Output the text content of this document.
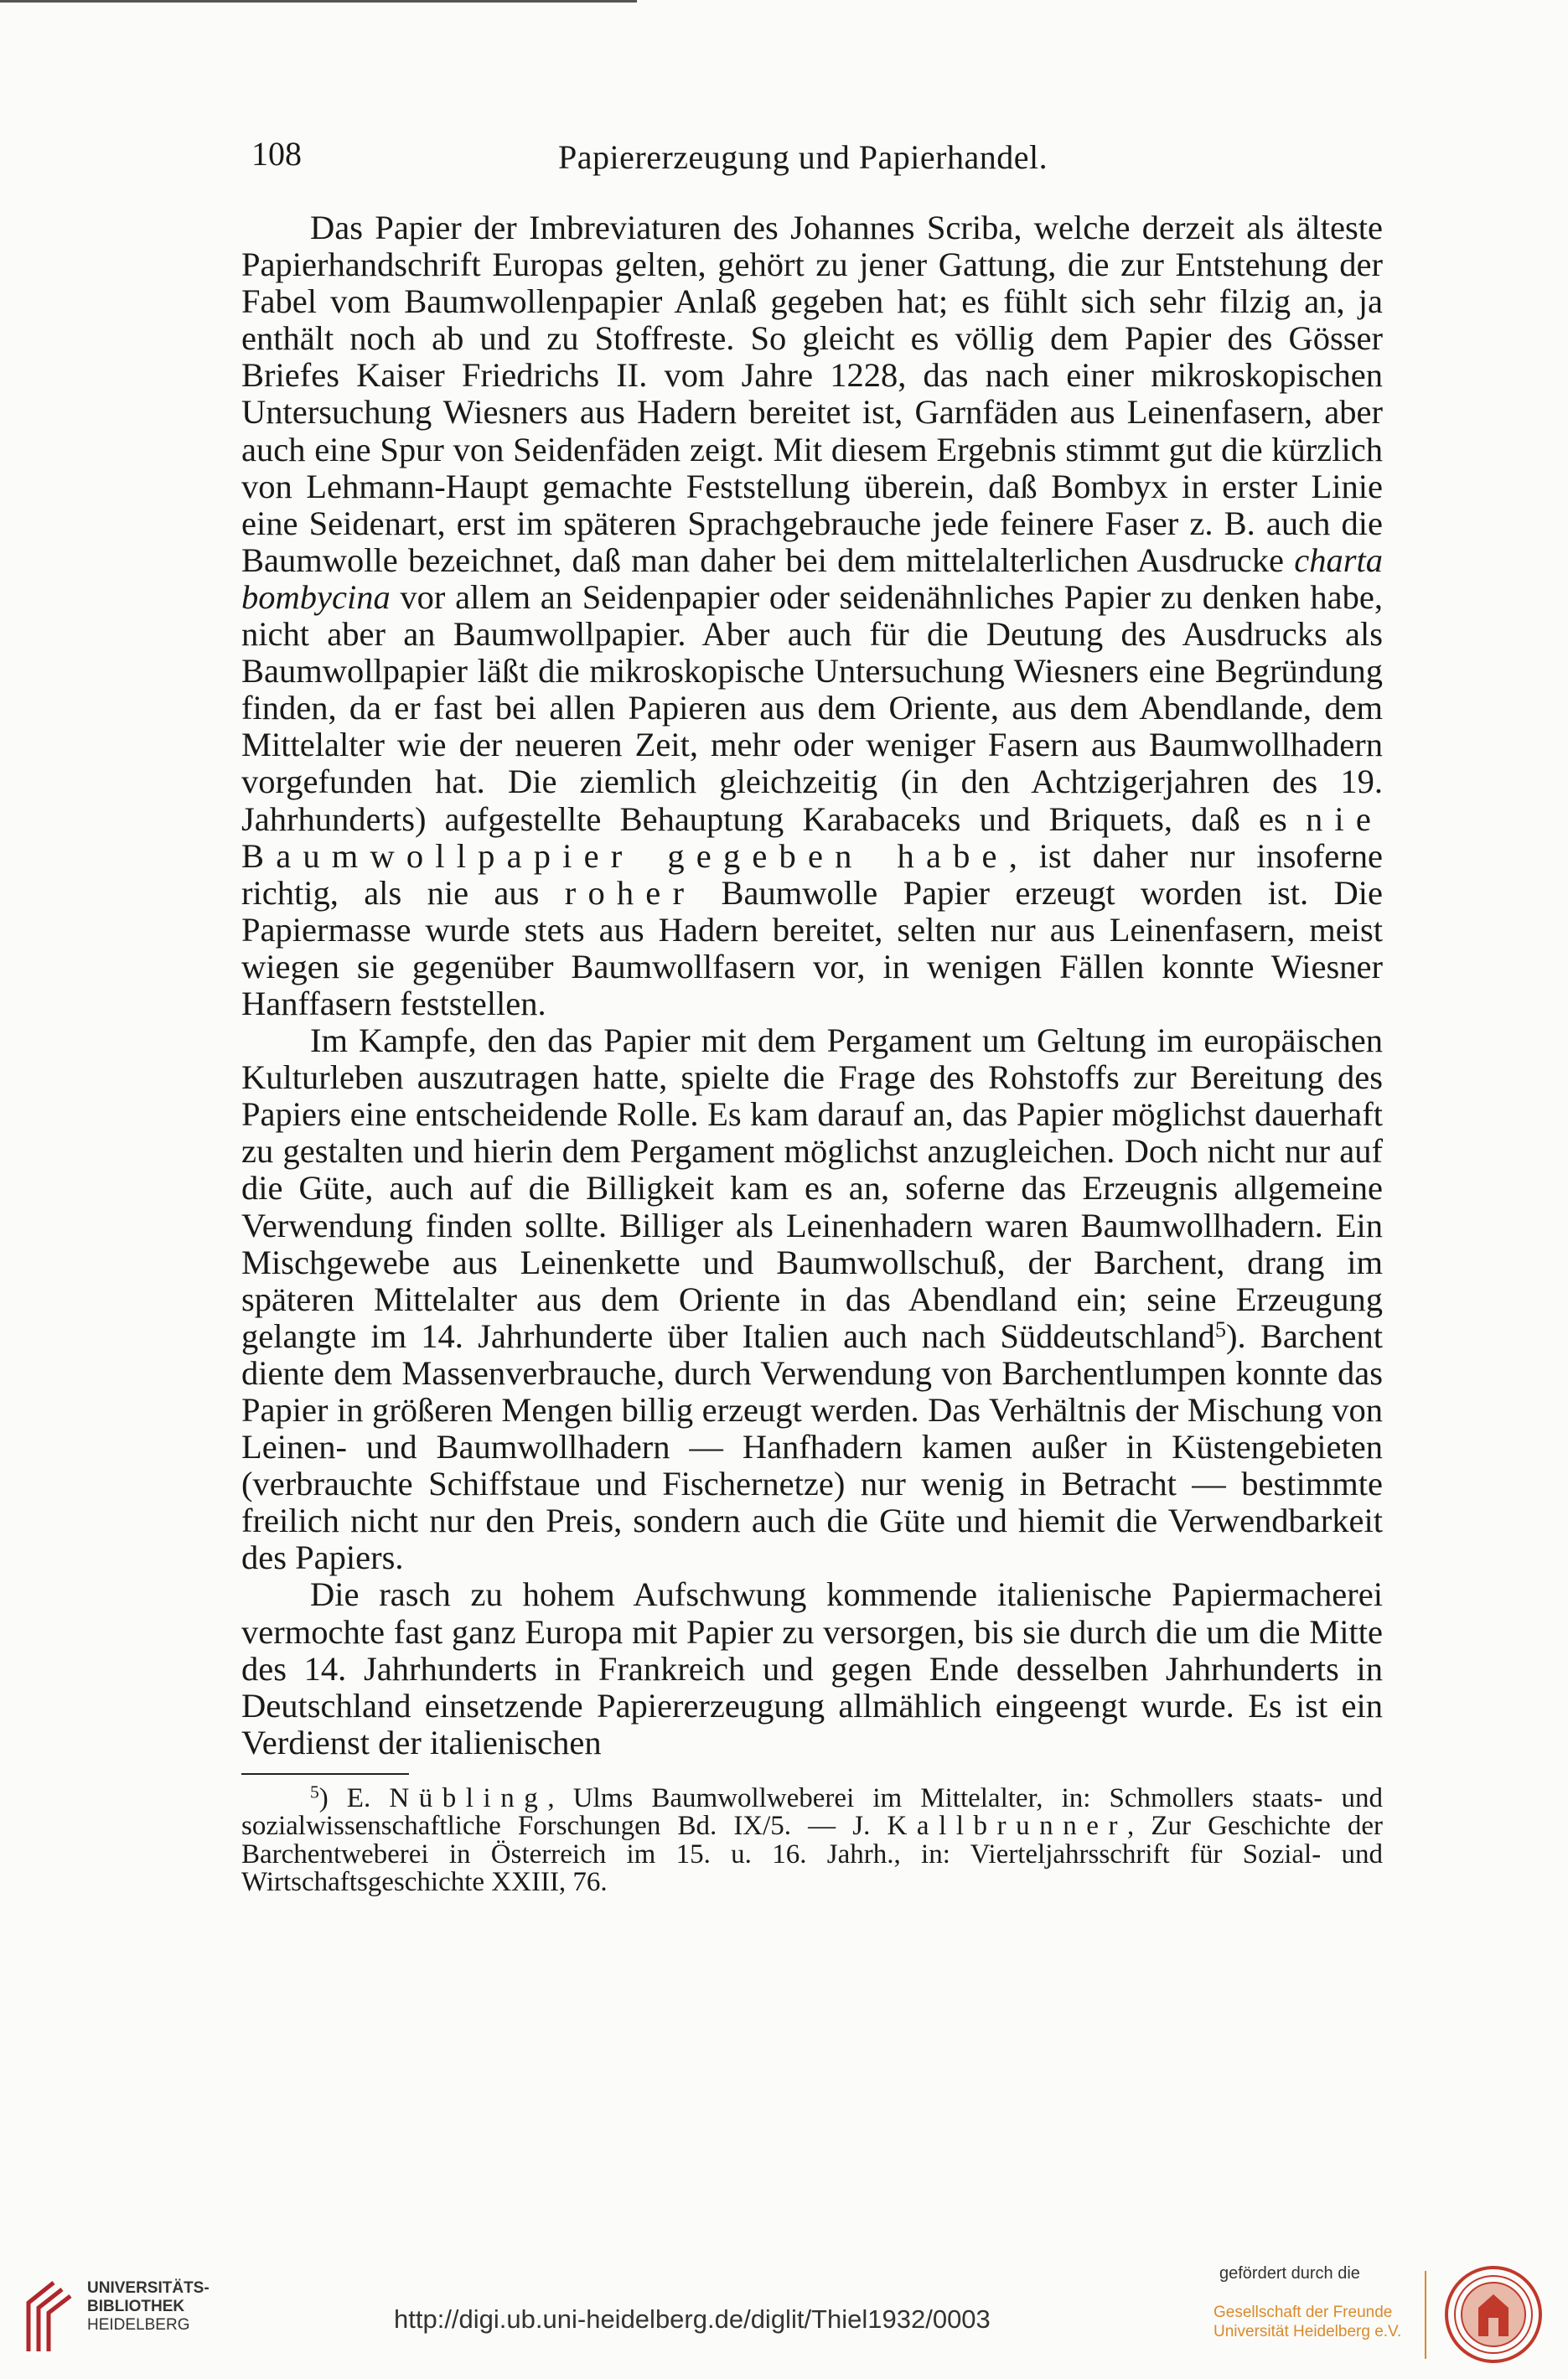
108	Papiererzeugung und Papierhandel.

Das Papier der Imbreviaturen des Johannes Scriba, welche derzeit als älteste Papierhandschrift Europas gelten, gehört zu jener Gattung, die zur Entstehung der Fabel vom Baumwollenpapier Anlaß gegeben hat; es fühlt sich sehr filzig an, ja enthält noch ab und zu Stoffreste. So gleicht es völlig dem Papier des Gösser Briefes Kaiser Friedrichs II. vom Jahre 1228, das nach einer mikroskopischen Untersuchung Wiesners aus Hadern bereitet ist, Garnfäden aus Leinenfasern, aber auch eine Spur von Seidenfäden zeigt. Mit diesem Ergebnis stimmt gut die kürzlich von Lehmann-Haupt gemachte Feststellung überein, daß Bombyx in erster Linie eine Seidenart, erst im späteren Sprachgebrauche jede feinere Faser z. B. auch die Baumwolle bezeichnet, daß man daher bei dem mittelalterlichen Ausdrucke charta bombycina vor allem an Seidenpapier oder seidenähnliches Papier zu denken habe, nicht aber an Baumwollpapier. Aber auch für die Deutung des Ausdrucks als Baumwollpapier läßt die mikroskopische Untersuchung Wiesners eine Begründung finden, da er fast bei allen Papieren aus dem Oriente, aus dem Abendlande, dem Mittelalter wie der neueren Zeit, mehr oder weniger Fasern aus Baumwollhadern vorgefunden hat. Die ziemlich gleichzeitig (in den Achtzigerjahren des 19. Jahrhunderts) aufgestellte Behauptung Karabaceks und Briquets, daß es nie Baumwollpapier gegeben habe, ist daher nur insoferne richtig, als nie aus roher Baumwolle Papier erzeugt worden ist. Die Papiermasse wurde stets aus Hadern bereitet, selten nur aus Leinenfasern, meist wiegen sie gegenüber Baumwollfasern vor, in wenigen Fällen konnte Wiesner Hanffasern feststellen.

Im Kampfe, den das Papier mit dem Pergament um Geltung im europäischen Kulturleben auszutragen hatte, spielte die Frage des Rohstoffs zur Bereitung des Papiers eine entscheidende Rolle. Es kam darauf an, das Papier möglichst dauerhaft zu gestalten und hierin dem Pergament möglichst anzugleichen. Doch nicht nur auf die Güte, auch auf die Billigkeit kam es an, soferne das Erzeugnis allgemeine Verwendung finden sollte. Billiger als Leinenhadern waren Baumwollhadern. Ein Mischgewebe aus Leinenkette und Baumwollschuß, der Barchent, drang im späteren Mittelalter aus dem Oriente in das Abendland ein; seine Erzeugung gelangte im 14. Jahrhunderte über Italien auch nach Süddeutschland$^5$). Barchent diente dem Massenverbrauche, durch Verwendung von Barchentlumpen konnte das Papier in größeren Mengen billig erzeugt werden. Das Verhältnis der Mischung von Leinen- und Baumwollhadern — Hanfhadern kamen außer in Küstengebieten (verbrauchte Schiffstaue und Fischernetze) nur wenig in Betracht — bestimmte freilich nicht nur den Preis, sondern auch die Güte und hiemit die Verwendbarkeit des Papiers.

Die rasch zu hohem Aufschwung kommende italienische Papiermacherei vermochte fast ganz Europa mit Papier zu versorgen, bis sie durch die um die Mitte des 14. Jahrhunderts in Frankreich und gegen Ende desselben Jahrhunderts in Deutschland einsetzende Papiererzeugung allmählich eingeengt wurde. Es ist ein Verdienst der italienischen

$^5$) E. Nübling, Ulms Baumwollweberei im Mittelalter, in: Schmollers staats- und sozialwissenschaftliche Forschungen Bd. IX/5. — J. Kallbrunner, Zur Geschichte der Barchentweberei in Österreich im 15. u. 16. Jahrh., in: Vierteljahrsschrift für Sozial- und Wirtschaftsgeschichte XXIII, 76.
UNIVERSITÄTS-
BIBLIOTHEK
HEIDELBERG	http://digi.ub.uni-heidelberg.de/diglit/Thiel1932/0003
gefördert durch die
Gesellschaft der Freunde
Universität Heidelberg e.V.
